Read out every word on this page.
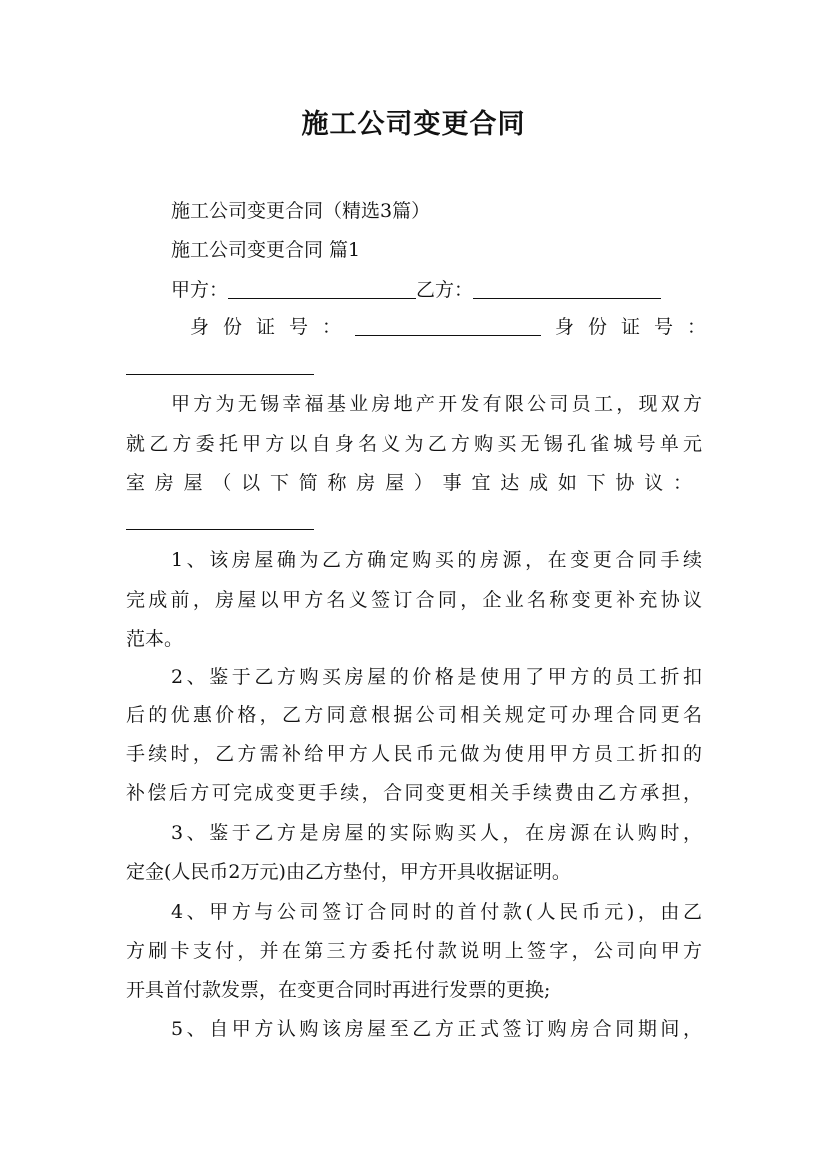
施工公司变更合同
施工公司变更合同（精选3篇）
施工公司变更合同 篇1
甲方：	乙方：
身份证号：	身份证号：
甲方为无锡幸福基业房地产开发有限公司员工，现双方
就乙方委托甲方以自身名义为乙方购买无锡孔雀城号单元
室房屋（以下简称房屋）事宜达成如下协议：
1、该房屋确为乙方确定购买的房源，在变更合同手续
完成前，房屋以甲方名义签订合同，企业名称变更补充协议
范本。
2、鉴于乙方购买房屋的价格是使用了甲方的员工折扣
后的优惠价格，乙方同意根据公司相关规定可办理合同更名
手续时，乙方需补给甲方人民币元做为使用甲方员工折扣的
补偿后方可完成变更手续，合同变更相关手续费由乙方承担，
3、鉴于乙方是房屋的实际购买人，在房源在认购时，
定金(人民币2万元)由乙方垫付，甲方开具收据证明。
4、甲方与公司签订合同时的首付款(人民币元)，由乙
方刷卡支付，并在第三方委托付款说明上签字，公司向甲方
开具首付款发票，在变更合同时再进行发票的更换;
5、自甲方认购该房屋至乙方正式签订购房合同期间，
